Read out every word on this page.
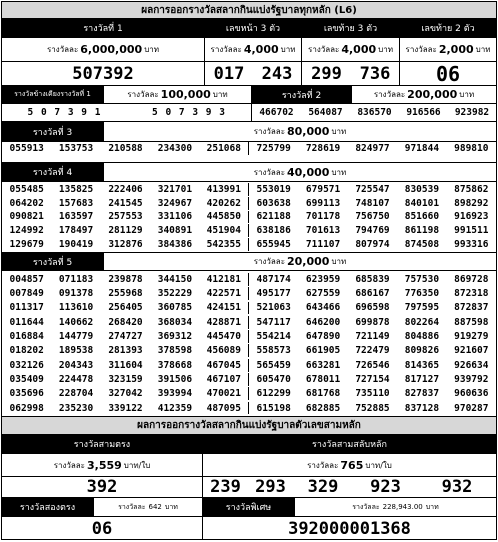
ผลการออกรางวัลสลากกินแบ่งรัฐบาลทุกหลัก (L6)
รางวัลที่ 1	เลขหน้า 3 ตัว	เลขท้าย 3 ตัว	เลขท้าย 2 ตัว
รางวัลละ 6,000,000 บาท	รางวัลละ 4,000 บาท รางวัลละ 4,000 บาท รางวัลละ 2,000 บาท
507392	017	243	299	736	06
รางวัลข้างเคียงรางวัลที่ 1	รางวัลละ 100,000 บาท	รางวัลที่ 2	รางวัลละ 200,000 บาท
5 0 7 3 9 1	5 0 7 3 9 3	466702	564087	836570	916566	923982
รางวัลที่ 3	รางวัลละ 80,000 บาท
055913	153753	210588	234300	251068	725799	728619	824977	971844	989810
รางวัลที่ 4	รางวัลละ 40,000 บาท
055485	135825	222406	321701	413991	553019	679571	725547	830539	875862
064202	157683	241545	324967	420262	603638	699113	748107	840101	898292
090821	163597	257553	331106	445850	621188	701178	756750	851660	916923
124992	178497	281129	340891	451904	638186	701613	794769	861198	991511
129679	190419	312876	384386	542355	655945	711107	807974	874508	993316
รางวัลที่ 5	รางวัลละ 20,000 บาท
004857	071183	239878	344150	412181	487174	623959	685839	757530	869728
007849	091378	255968	352229	422571	495177	627559	686167	776350	872318
011317	113610	256405	360785	424151	521063	643466	696598	797595	872837
011644	140662	268420	368034	428871	547117	646200	699878	802264	887598
016884	144779	274727	369312	445470	554214	647890	721149	804886	919279
018202	189538	281393	378598	456089	558573	661905	722479	809826	921607
032126	204343	311604	378668	467045	565459	663281	726546	814365	926634
035409	224478	323159	391506	467107	605470	678011	727154	817127	939792
035696	228704	327042	393994	470021	612299	681768	735110	827837	960636
062998	235230	339122	412359	487095	615198	682885	752885	837128	970287
ผลการออกรางวัลสลากกินแบ่งรัฐบาลตัวเลขสามหลัก
รางวัลสามตรง	รางวัลสามสลับหลัก
รางวัลละ 3,559 บาท/ใบ	รางวัลละ 765 บาท/ใบ
392	239 293	329	923	932
รางวัลสองตรง	รางวัลละ 642 บาท	รางวัลพิเศษ	รางวัลละ 228,943.00 บาท
06	392000001368
